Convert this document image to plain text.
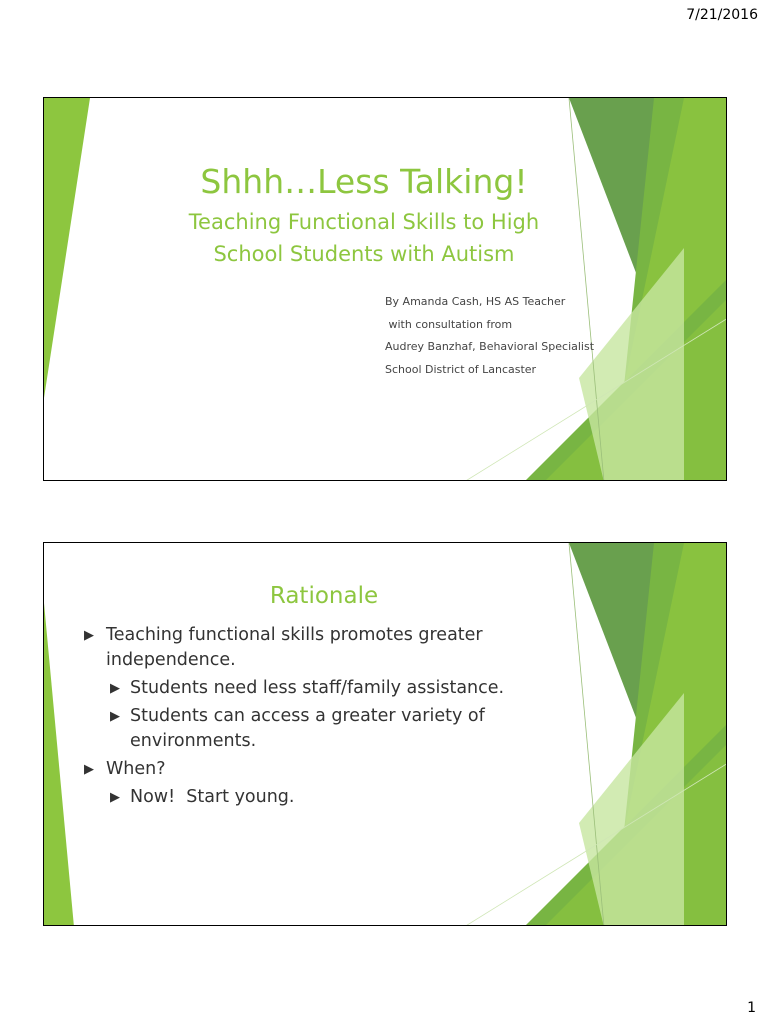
7/21/2016
Shhh…Less Talking!
Teaching Functional Skills to High
School Students with Autism
By Amanda Cash, HS AS Teacher
with consultation from
Audrey Banzhaf, Behavioral Specialist
School District of Lancaster
Rationale
▶ Teaching functional skills promotes greater independence.
▶ Students need less staff/family assistance.
▶ Students can access a greater variety of environments.
▶ When?
▶ Now!  Start young.
1
